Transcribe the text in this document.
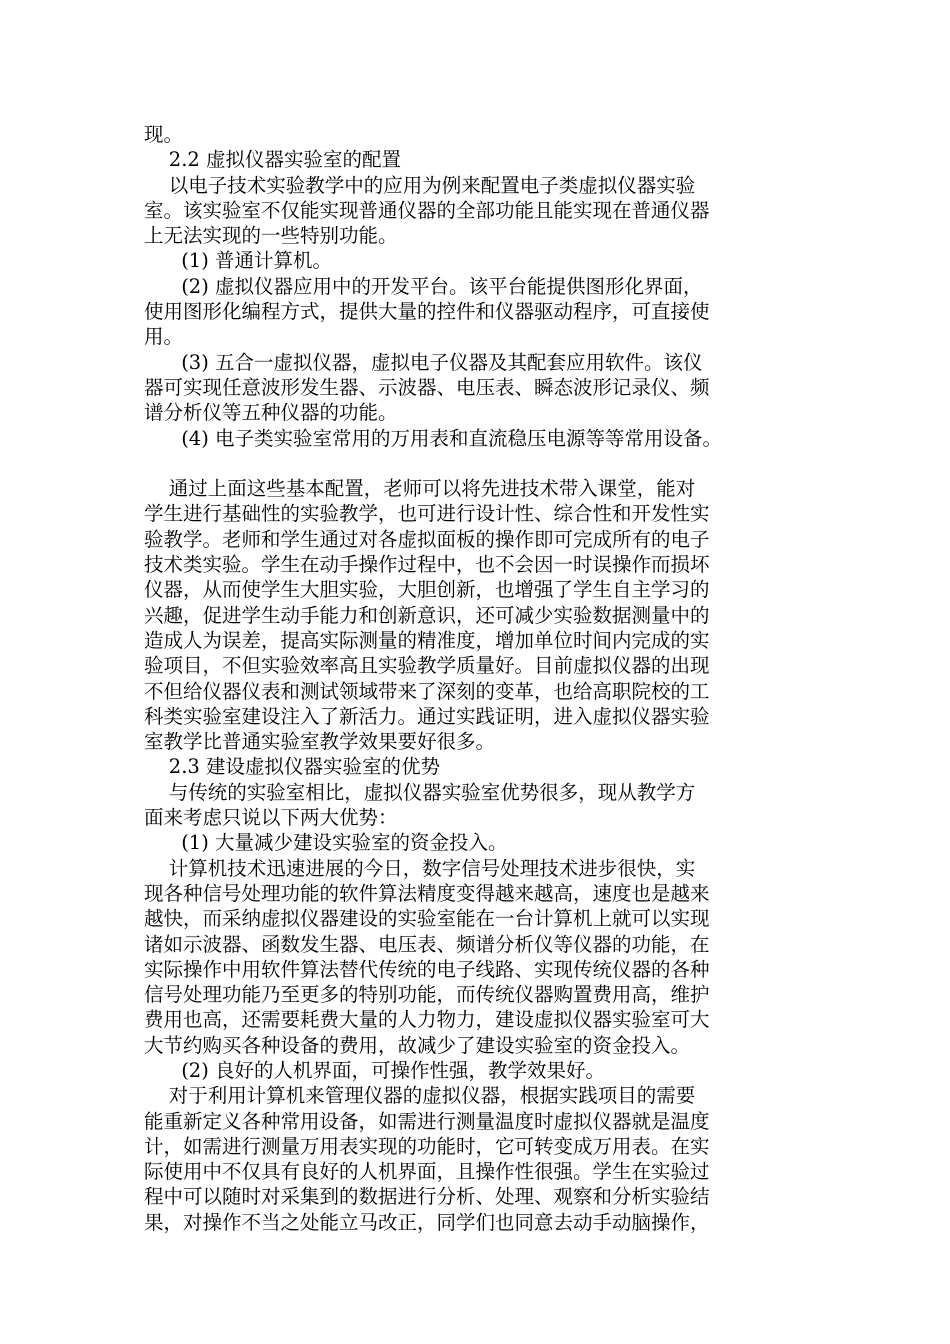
现。
2.2 虚拟仪器实验室的配置
以电子技术实验教学中的应用为例来配置电子类虚拟仪器实验
室。该实验室不仅能实现普通仪器的全部功能且能实现在普通仪器
上无法实现的一些特别功能。
(1) 普通计算机。
(2) 虚拟仪器应用中的开发平台。该平台能提供图形化界面，
使用图形化编程方式，提供大量的控件和仪器驱动程序，可直接使
用。
(3) 五合一虚拟仪器，虚拟电子仪器及其配套应用软件。该仪
器可实现任意波形发生器、示波器、电压表、瞬态波形记录仪、频
谱分析仪等五种仪器的功能。
(4) 电子类实验室常用的万用表和直流稳压电源等等常用设备。
通过上面这些基本配置，老师可以将先进技术带入课堂，能对
学生进行基础性的实验教学，也可进行设计性、综合性和开发性实
验教学。老师和学生通过对各虚拟面板的操作即可完成所有的电子
技术类实验。学生在动手操作过程中，也不会因一时误操作而损坏
仪器，从而使学生大胆实验，大胆创新，也增强了学生自主学习的
兴趣，促进学生动手能力和创新意识，还可减少实验数据测量中的
造成人为误差，提高实际测量的精准度，增加单位时间内完成的实
验项目，不但实验效率高且实验教学质量好。目前虚拟仪器的出现
不但给仪器仪表和测试领域带来了深刻的变革，也给高职院校的工
科类实验室建设注入了新活力。通过实践证明，进入虚拟仪器实验
室教学比普通实验室教学效果要好很多。
2.3 建设虚拟仪器实验室的优势
与传统的实验室相比，虚拟仪器实验室优势很多，现从教学方
面来考虑只说以下两大优势：
(1) 大量减少建设实验室的资金投入。
计算机技术迅速进展的今日，数字信号处理技术进步很快，实
现各种信号处理功能的软件算法精度变得越来越高，速度也是越来
越快，而采纳虚拟仪器建设的实验室能在一台计算机上就可以实现
诸如示波器、函数发生器、电压表、频谱分析仪等仪器的功能，在
实际操作中用软件算法替代传统的电子线路、实现传统仪器的各种
信号处理功能乃至更多的特别功能，而传统仪器购置费用高，维护
费用也高，还需要耗费大量的人力物力，建设虚拟仪器实验室可大
大节约购买各种设备的费用，故减少了建设实验室的资金投入。
(2) 良好的人机界面，可操作性强，教学效果好。
对于利用计算机来管理仪器的虚拟仪器，根据实践项目的需要
能重新定义各种常用设备，如需进行测量温度时虚拟仪器就是温度
计，如需进行测量万用表实现的功能时，它可转变成万用表。在实
际使用中不仅具有良好的人机界面，且操作性很强。学生在实验过
程中可以随时对采集到的数据进行分析、处理、观察和分析实验结
果，对操作不当之处能立马改正，同学们也同意去动手动脑操作，
